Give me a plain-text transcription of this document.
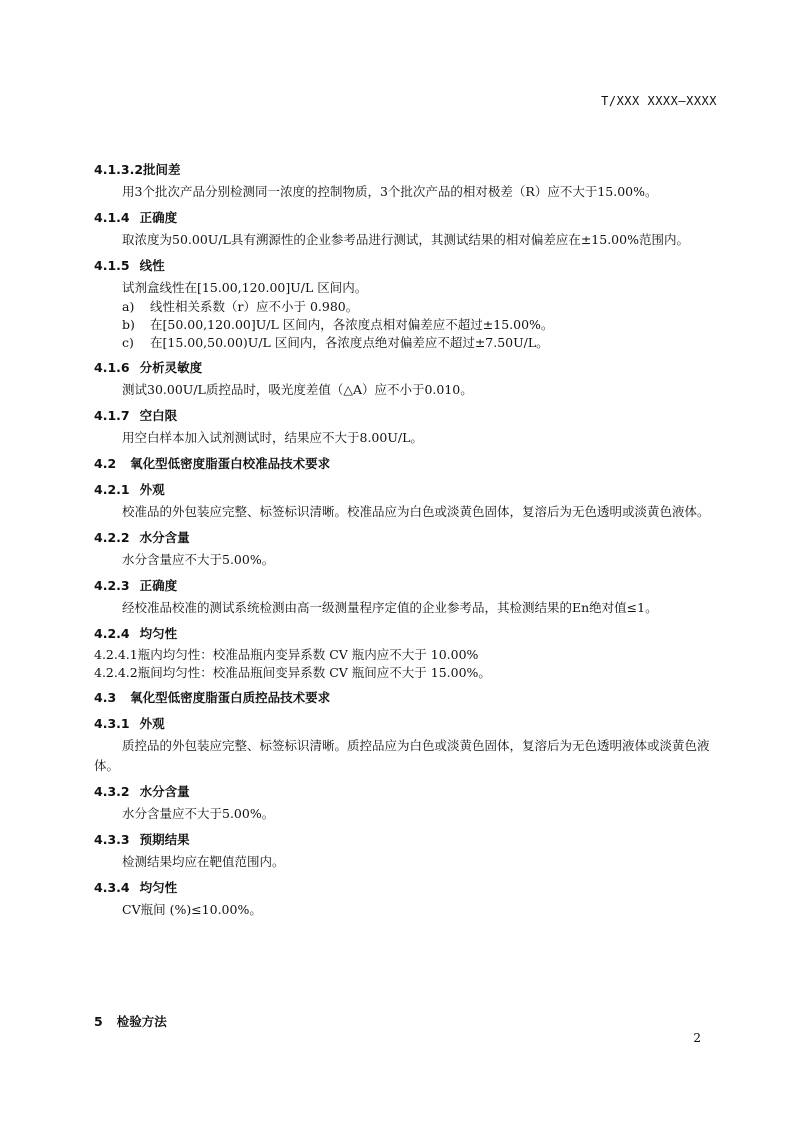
T/XXX XXXX—XXXX
4.1.3.2批间差
用3个批次产品分别检测同一浓度的控制物质，3个批次产品的相对极差（R）应不大于15.00%。
4.1.4 正确度
取浓度为50.00U/L具有溯源性的企业参考品进行测试，其测试结果的相对偏差应在±15.00%范围内。
4.1.5 线性
试剂盒线性在[15.00,120.00]U/L 区间内。
a)	线性相关系数（r）应不小于 0.980。
b)	在[50.00,120.00]U/L 区间内，各浓度点相对偏差应不超过±15.00%。
c)	在[15.00,50.00)U/L 区间内，各浓度点绝对偏差应不超过±7.50U/L。
4.1.6 分析灵敏度
测试30.00U/L质控品时，吸光度差值（△A）应不小于0.010。
4.1.7 空白限
用空白样本加入试剂测试时，结果应不大于8.00U/L。
4.2 氧化型低密度脂蛋白校准品技术要求
4.2.1 外观
校准品的外包装应完整、标签标识清晰。校准品应为白色或淡黄色固体，复溶后为无色透明或淡黄色液体。
4.2.2 水分含量
水分含量应不大于5.00%。
4.2.3 正确度
经校准品校准的测试系统检测由高一级测量程序定值的企业参考品，其检测结果的En绝对值≤1。
4.2.4 均匀性
4.2.4.1瓶内均匀性：校准品瓶内变异系数 CV 瓶内应不大于 10.00%
4.2.4.2瓶间均匀性：校准品瓶间变异系数 CV 瓶间应不大于 15.00%。
4.3 氧化型低密度脂蛋白质控品技术要求
4.3.1 外观
质控品的外包装应完整、标签标识清晰。质控品应为白色或淡黄色固体，复溶后为无色透明液体或淡黄色液体。
4.3.2 水分含量
水分含量应不大于5.00%。
4.3.3 预期结果
检测结果均应在靶值范围内。
4.3.4 均匀性
CV瓶间 (%)≤10.00%。
5 检验方法
2
